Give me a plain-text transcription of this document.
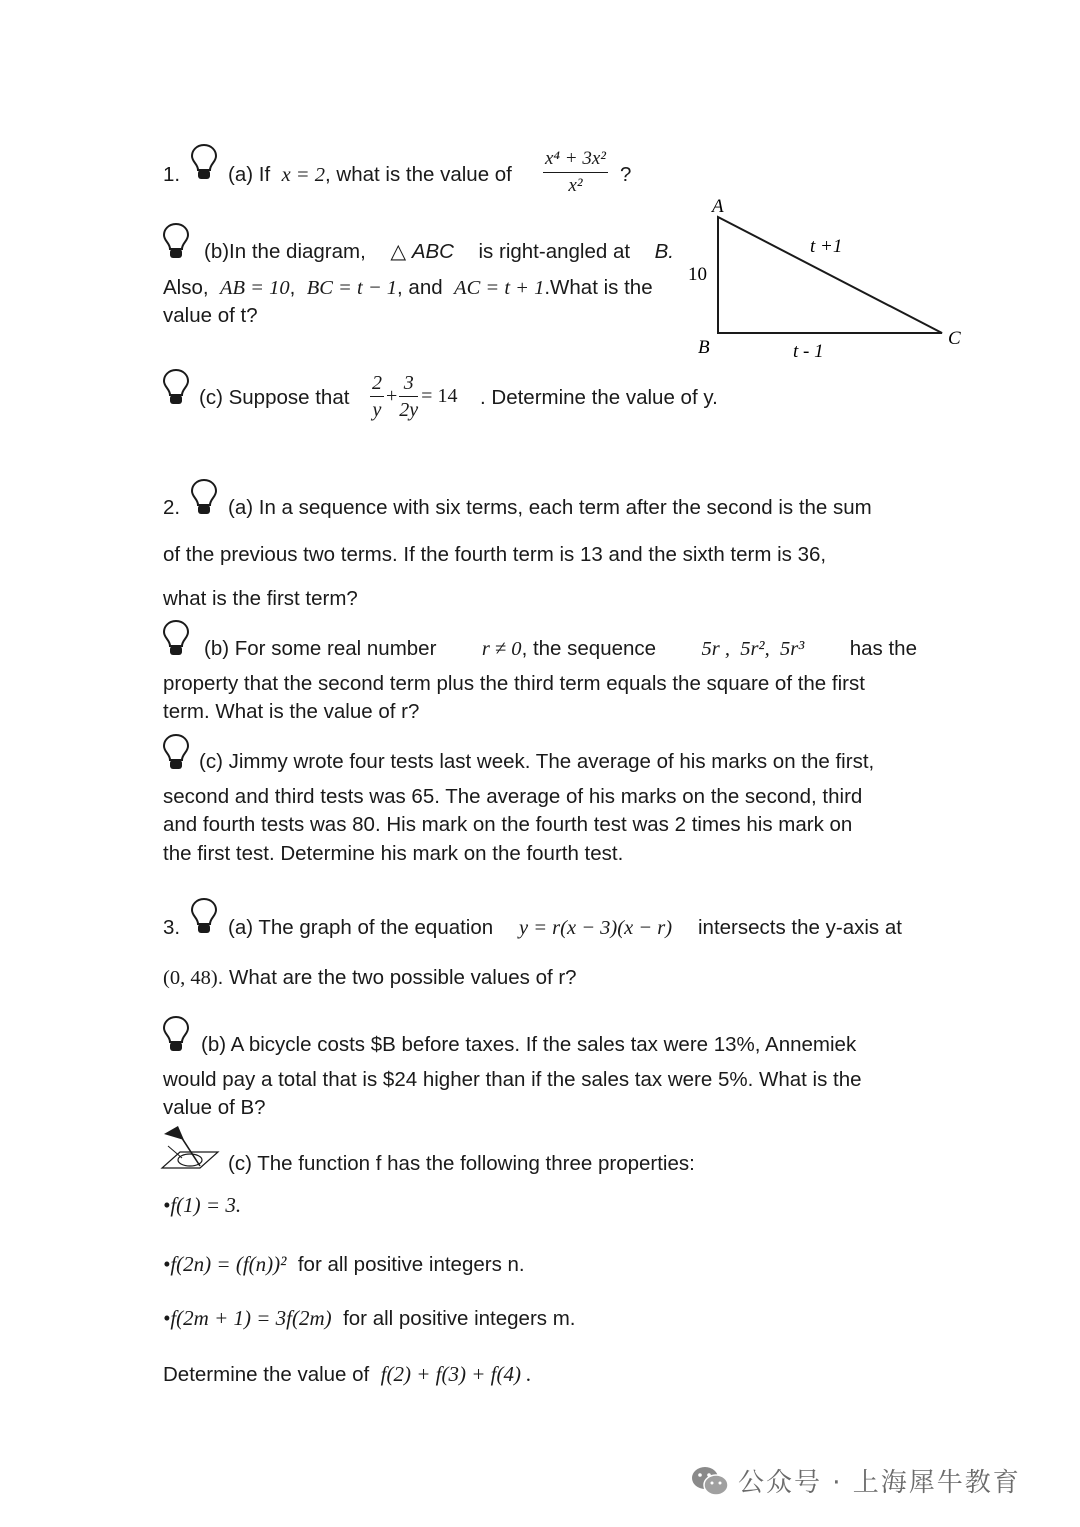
1. (a) If x = 2, what is the value of $\frac{\text{x⁴ + 3x²}}{\text{x²}}$ ?
(b)In the diagram, △ ABC is right-angled at B.
Also, AB = 10,  BC = t − 1, and AC = t + 1.What is the
value of t?
A
B	C
10
t +1
t - 1
(c) Suppose that $\frac{2}{y} + \frac{3}{2y} = 14$ . Determine the value of y.
2. (a) In a sequence with six terms, each term after the second is the sum
of the previous two terms. If the fourth term is 13 and the sixth term is 36,
what is the first term?
(b) For some real number r ≠ 0, the sequence 5r ,  5r²,  5r³ has the
property that the second term plus the third term equals the square of the first
term. What is the value of r?
(c) Jimmy wrote four tests last week. The average of his marks on the first,
second and third tests was 65. The average of his marks on the second, third
and fourth tests was 80. His mark on the fourth test was 2 times his mark on
the first test. Determine his mark on the fourth test.
3. (a) The graph of the equation y = r(x − 3)(x − r) intersects the y-axis at
(0, 48). What are the two possible values of r?
(b) A bicycle costs $B before taxes. If the sales tax were 13%, Annemiek
would pay a total that is $24 higher than if the sales tax were 5%. What is the
value of B?
(c) The function f has the following three properties:
•f(1) = 3.
•f(2n) = (f(n))² for all positive integers n.
•f(2m + 1) = 3f(2m) for all positive integers m.
Determine the value of f(2) + f(3) + f(4) .
公众号 · 上海犀牛教育
